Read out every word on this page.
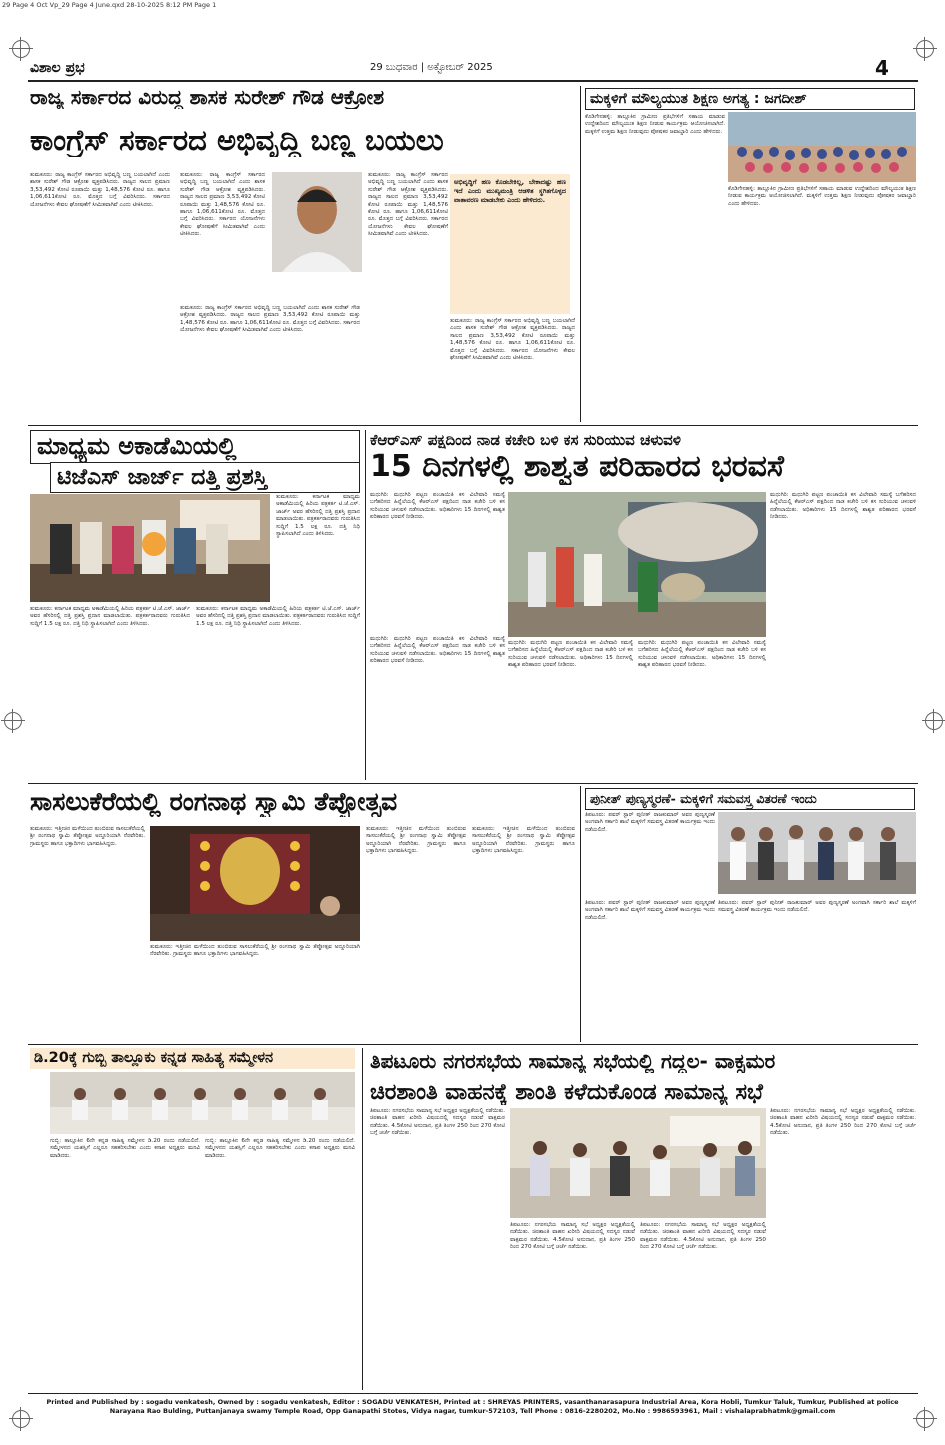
29 Page 4 Oct Vp_29 Page 4 June.qxd 28-10-2025 8:12 PM Page 1
ವಿಶಾಲ ಪ್ರಭ	29 ಬುಧವಾರ | ಅಕ್ಟೋಬರ್ 2025	4
ರಾಜ್ಯ ಸರ್ಕಾರದ ವಿರುದ್ಧ ಶಾಸಕ ಸುರೇಶ್ ಗೌಡ ಆಕ್ರೋಶ
ಕಾಂಗ್ರೆಸ್ ಸರ್ಕಾರದ ಅಭಿವೃದ್ಧಿ ಬಣ್ಣ ಬಯಲು
ತುಮಕೂರು: ರಾಜ್ಯ ಕಾಂಗ್ರೆಸ್ ಸರ್ಕಾರದ ಅಭಿವೃದ್ಧಿ ಬಣ್ಣ ಬಯಲಾಗಿದೆ ಎಂದು ಶಾಸಕ ಸುರೇಶ್ ಗೌಡ ಆಕ್ರೋಶ ವ್ಯಕ್ತಪಡಿಸಿದರು. ರಾಜ್ಯದ ಸಾಲದ ಪ್ರಮಾಣ 3,53,492 ಕೋಟಿ ರೂಪಾಯಿ ಮತ್ತು 1,48,576 ಕೋಟಿ ರೂ. ಹಾಗೂ 1,06,611ಕೋಟಿ ರೂ. ಮೊತ್ತದ ಬಗ್ಗೆ ವಿವರಿಸಿದರು. ಸರ್ಕಾರದ ಯೋಜನೆಗಳು ಕೇವಲ ಘೋಷಣೆಗೆ ಸೀಮಿತವಾಗಿವೆ ಎಂದು ಟೀಕಿಸಿದರು.
ತುಮಕೂರು: ರಾಜ್ಯ ಕಾಂಗ್ರೆಸ್ ಸರ್ಕಾರದ ಅಭಿವೃದ್ಧಿ ಬಣ್ಣ ಬಯಲಾಗಿದೆ ಎಂದು ಶಾಸಕ ಸುರೇಶ್ ಗೌಡ ಆಕ್ರೋಶ ವ್ಯಕ್ತಪಡಿಸಿದರು. ರಾಜ್ಯದ ಸಾಲದ ಪ್ರಮಾಣ 3,53,492 ಕೋಟಿ ರೂಪಾಯಿ ಮತ್ತು 1,48,576 ಕೋಟಿ ರೂ. ಹಾಗೂ 1,06,611ಕೋಟಿ ರೂ. ಮೊತ್ತದ ಬಗ್ಗೆ ವಿವರಿಸಿದರು. ಸರ್ಕಾರದ ಯೋಜನೆಗಳು ಕೇವಲ ಘೋಷಣೆಗೆ ಸೀಮಿತವಾಗಿವೆ ಎಂದು ಟೀಕಿಸಿದರು.
ತುಮಕೂರು: ರಾಜ್ಯ ಕಾಂಗ್ರೆಸ್ ಸರ್ಕಾರದ ಅಭಿವೃದ್ಧಿ ಬಣ್ಣ ಬಯಲಾಗಿದೆ ಎಂದು ಶಾಸಕ ಸುರೇಶ್ ಗೌಡ ಆಕ್ರೋಶ ವ್ಯಕ್ತಪಡಿಸಿದರು. ರಾಜ್ಯದ ಸಾಲದ ಪ್ರಮಾಣ 3,53,492 ಕೋಟಿ ರೂಪಾಯಿ ಮತ್ತು 1,48,576 ಕೋಟಿ ರೂ. ಹಾಗೂ 1,06,611ಕೋಟಿ ರೂ. ಮೊತ್ತದ ಬಗ್ಗೆ ವಿವರಿಸಿದರು. ಸರ್ಕಾರದ ಯೋಜನೆಗಳು ಕೇವಲ ಘೋಷಣೆಗೆ ಸೀಮಿತವಾಗಿವೆ ಎಂದು ಟೀಕಿಸಿದರು.
ಅಭಿವೃದ್ಧಿಗೆ ಹಣ ಕೊಡಬೇಕಿಲ್ಲ, ಬೇಕಾದಷ್ಟು ಹಣ ಇದೆ ಎಂದು ಮುಖ್ಯಮಂತ್ರಿ ಆಡಳಿತ ಸ್ಥಗಿತಗೊಳ್ಳದ ವಾತಾವರಣ ಮಾಡಬೇಕು ಎಂದು ಹೇಳಿದರು.
ತುಮಕೂರು: ರಾಜ್ಯ ಕಾಂಗ್ರೆಸ್ ಸರ್ಕಾರದ ಅಭಿವೃದ್ಧಿ ಬಣ್ಣ ಬಯಲಾಗಿದೆ ಎಂದು ಶಾಸಕ ಸುರೇಶ್ ಗೌಡ ಆಕ್ರೋಶ ವ್ಯಕ್ತಪಡಿಸಿದರು. ರಾಜ್ಯದ ಸಾಲದ ಪ್ರಮಾಣ 3,53,492 ಕೋಟಿ ರೂಪಾಯಿ ಮತ್ತು 1,48,576 ಕೋಟಿ ರೂ. ಹಾಗೂ 1,06,611ಕೋಟಿ ರೂ. ಮೊತ್ತದ ಬಗ್ಗೆ ವಿವರಿಸಿದರು. ಸರ್ಕಾರದ ಯೋಜನೆಗಳು ಕೇವಲ ಘೋಷಣೆಗೆ ಸೀಮಿತವಾಗಿವೆ ಎಂದು ಟೀಕಿಸಿದರು.
ತುಮಕೂರು: ರಾಜ್ಯ ಕಾಂಗ್ರೆಸ್ ಸರ್ಕಾರದ ಅಭಿವೃದ್ಧಿ ಬಣ್ಣ ಬಯಲಾಗಿದೆ ಎಂದು ಶಾಸಕ ಸುರೇಶ್ ಗೌಡ ಆಕ್ರೋಶ ವ್ಯಕ್ತಪಡಿಸಿದರು. ರಾಜ್ಯದ ಸಾಲದ ಪ್ರಮಾಣ 3,53,492 ಕೋಟಿ ರೂಪಾಯಿ ಮತ್ತು 1,48,576 ಕೋಟಿ ರೂ. ಹಾಗೂ 1,06,611ಕೋಟಿ ರೂ. ಮೊತ್ತದ ಬಗ್ಗೆ ವಿವರಿಸಿದರು. ಸರ್ಕಾರದ ಯೋಜನೆಗಳು ಕೇವಲ ಘೋಷಣೆಗೆ ಸೀಮಿತವಾಗಿವೆ ಎಂದು ಟೀಕಿಸಿದರು.
ಮಕ್ಕಳಿಗೆ ಮೌಲ್ಯಯುತ ಶಿಕ್ಷಣ ಅಗತ್ಯ : ಜಗದೀಶ್
ಕೊಡಿಗೇನಹಳ್ಳಿ: ತಾಲ್ಲೂಕಿನ ಗ್ರಾಮೀಣ ಪ್ರತಿಭೆಗಳಿಗೆ ಸಹಾಯ ಮಾಡುವ ಉದ್ದೇಶದಿಂದ ಮೌಲ್ಯಯುತ ಶಿಕ್ಷಣ ನೀಡುವ ಕಾರ್ಯಕ್ರಮ ಆಯೋಜಿಸಲಾಗಿದೆ. ಮಕ್ಕಳಿಗೆ ಉತ್ತಮ ಶಿಕ್ಷಣ ನೀಡುವುದು ಪೋಷಕರ ಜವಾಬ್ದಾರಿ ಎಂದು ಹೇಳಿದರು.
ಕೊಡಿಗೇನಹಳ್ಳಿ: ತಾಲ್ಲೂಕಿನ ಗ್ರಾಮೀಣ ಪ್ರತಿಭೆಗಳಿಗೆ ಸಹಾಯ ಮಾಡುವ ಉದ್ದೇಶದಿಂದ ಮೌಲ್ಯಯುತ ಶಿಕ್ಷಣ ನೀಡುವ ಕಾರ್ಯಕ್ರಮ ಆಯೋಜಿಸಲಾಗಿದೆ. ಮಕ್ಕಳಿಗೆ ಉತ್ತಮ ಶಿಕ್ಷಣ ನೀಡುವುದು ಪೋಷಕರ ಜವಾಬ್ದಾರಿ ಎಂದು ಹೇಳಿದರು.
ಮಾಧ್ಯಮ ಅಕಾಡೆಮಿಯಲ್ಲಿ
ಟಿಜೆಎಸ್ ಜಾರ್ಜ್ ದತ್ತಿ ಪ್ರಶಸ್ತಿ
ತುಮಕೂರು: ಕರ್ನಾಟಕ ಮಾಧ್ಯಮ ಅಕಾಡೆಮಿಯಲ್ಲಿ ಹಿರಿಯ ಪತ್ರಕರ್ತ ಟಿ.ಜೆ.ಎಸ್. ಜಾರ್ಜ್ ಅವರ ಹೆಸರಿನಲ್ಲಿ ದತ್ತಿ ಪ್ರಶಸ್ತಿ ಪ್ರದಾನ ಮಾಡಲಾಯಿತು. ಪತ್ರಕರ್ತರಾದವರು ಗುರುತಿಸಿದ ಸುದ್ದಿಗೆ 1.5 ಲಕ್ಷ ರೂ. ದತ್ತಿ ನಿಧಿ ಸ್ಥಾಪಿಸಲಾಗಿದೆ ಎಂದು ತಿಳಿಸಿದರು.
ತುಮಕೂರು: ಕರ್ನಾಟಕ ಮಾಧ್ಯಮ ಅಕಾಡೆಮಿಯಲ್ಲಿ ಹಿರಿಯ ಪತ್ರಕರ್ತ ಟಿ.ಜೆ.ಎಸ್. ಜಾರ್ಜ್ ಅವರ ಹೆಸರಿನಲ್ಲಿ ದತ್ತಿ ಪ್ರಶಸ್ತಿ ಪ್ರದಾನ ಮಾಡಲಾಯಿತು. ಪತ್ರಕರ್ತರಾದವರು ಗುರುತಿಸಿದ ಸುದ್ದಿಗೆ 1.5 ಲಕ್ಷ ರೂ. ದತ್ತಿ ನಿಧಿ ಸ್ಥಾಪಿಸಲಾಗಿದೆ ಎಂದು ತಿಳಿಸಿದರು.
ತುಮಕೂರು: ಕರ್ನಾಟಕ ಮಾಧ್ಯಮ ಅಕಾಡೆಮಿಯಲ್ಲಿ ಹಿರಿಯ ಪತ್ರಕರ್ತ ಟಿ.ಜೆ.ಎಸ್. ಜಾರ್ಜ್ ಅವರ ಹೆಸರಿನಲ್ಲಿ ದತ್ತಿ ಪ್ರಶಸ್ತಿ ಪ್ರದಾನ ಮಾಡಲಾಯಿತು. ಪತ್ರಕರ್ತರಾದವರು ಗುರುತಿಸಿದ ಸುದ್ದಿಗೆ 1.5 ಲಕ್ಷ ರೂ. ದತ್ತಿ ನಿಧಿ ಸ್ಥಾಪಿಸಲಾಗಿದೆ ಎಂದು ತಿಳಿಸಿದರು.
ಕೆಆರ್‌ಎಸ್ ಪಕ್ಷದಿಂದ ನಾಡ ಕಚೇರಿ ಬಳಿ ಕಸ ಸುರಿಯುವ ಚಳುವಳಿ
15 ದಿನಗಳಲ್ಲಿ ಶಾಶ್ವತ ಪರಿಹಾರದ ಭರವಸೆ
ಮಧುಗಿರಿ: ಮಧುಗಿರಿ ಪಟ್ಟಣ ಪಂಚಾಯಿತಿ ಕಸ ವಿಲೇವಾರಿ ಸಮಸ್ಯೆ ಬಗೆಹರಿಸದ ಹಿನ್ನೆಲೆಯಲ್ಲಿ ಕೆಆರ್‌ಎಸ್ ಪಕ್ಷದಿಂದ ನಾಡ ಕಚೇರಿ ಬಳಿ ಕಸ ಸುರಿಯುವ ಚಳುವಳಿ ನಡೆಸಲಾಯಿತು. ಅಧಿಕಾರಿಗಳು 15 ದಿನಗಳಲ್ಲಿ ಶಾಶ್ವತ ಪರಿಹಾರದ ಭರವಸೆ ನೀಡಿದರು.
ಮಧುಗಿರಿ: ಮಧುಗಿರಿ ಪಟ್ಟಣ ಪಂಚಾಯಿತಿ ಕಸ ವಿಲೇವಾರಿ ಸಮಸ್ಯೆ ಬಗೆಹರಿಸದ ಹಿನ್ನೆಲೆಯಲ್ಲಿ ಕೆಆರ್‌ಎಸ್ ಪಕ್ಷದಿಂದ ನಾಡ ಕಚೇರಿ ಬಳಿ ಕಸ ಸುರಿಯುವ ಚಳುವಳಿ ನಡೆಸಲಾಯಿತು. ಅಧಿಕಾರಿಗಳು 15 ದಿನಗಳಲ್ಲಿ ಶಾಶ್ವತ ಪರಿಹಾರದ ಭರವಸೆ ನೀಡಿದರು.
ಮಧುಗಿರಿ: ಮಧುಗಿರಿ ಪಟ್ಟಣ ಪಂಚಾಯಿತಿ ಕಸ ವಿಲೇವಾರಿ ಸಮಸ್ಯೆ ಬಗೆಹರಿಸದ ಹಿನ್ನೆಲೆಯಲ್ಲಿ ಕೆಆರ್‌ಎಸ್ ಪಕ್ಷದಿಂದ ನಾಡ ಕಚೇರಿ ಬಳಿ ಕಸ ಸುರಿಯುವ ಚಳುವಳಿ ನಡೆಸಲಾಯಿತು. ಅಧಿಕಾರಿಗಳು 15 ದಿನಗಳಲ್ಲಿ ಶಾಶ್ವತ ಪರಿಹಾರದ ಭರವಸೆ ನೀಡಿದರು.
ಮಧುಗಿರಿ: ಮಧುಗಿರಿ ಪಟ್ಟಣ ಪಂಚಾಯಿತಿ ಕಸ ವಿಲೇವಾರಿ ಸಮಸ್ಯೆ ಬಗೆಹರಿಸದ ಹಿನ್ನೆಲೆಯಲ್ಲಿ ಕೆಆರ್‌ಎಸ್ ಪಕ್ಷದಿಂದ ನಾಡ ಕಚೇರಿ ಬಳಿ ಕಸ ಸುರಿಯುವ ಚಳುವಳಿ ನಡೆಸಲಾಯಿತು. ಅಧಿಕಾರಿಗಳು 15 ದಿನಗಳಲ್ಲಿ ಶಾಶ್ವತ ಪರಿಹಾರದ ಭರವಸೆ ನೀಡಿದರು.
ಮಧುಗಿರಿ: ಮಧುಗಿರಿ ಪಟ್ಟಣ ಪಂಚಾಯಿತಿ ಕಸ ವಿಲೇವಾರಿ ಸಮಸ್ಯೆ ಬಗೆಹರಿಸದ ಹಿನ್ನೆಲೆಯಲ್ಲಿ ಕೆಆರ್‌ಎಸ್ ಪಕ್ಷದಿಂದ ನಾಡ ಕಚೇರಿ ಬಳಿ ಕಸ ಸುರಿಯುವ ಚಳುವಳಿ ನಡೆಸಲಾಯಿತು. ಅಧಿಕಾರಿಗಳು 15 ದಿನಗಳಲ್ಲಿ ಶಾಶ್ವತ ಪರಿಹಾರದ ಭರವಸೆ ನೀಡಿದರು.
ಸಾಸಲುಕೆರೆಯಲ್ಲಿ ರಂಗನಾಥ ಸ್ವಾಮಿ ತೆಪ್ಪೋತ್ಸವ
ತುಮಕೂರು: ಇತ್ತೀಚಿನ ಮಳೆಯಿಂದ ತುಂಬಿರುವ ಸಾಸಲುಕೆರೆಯಲ್ಲಿ ಶ್ರೀ ರಂಗನಾಥ ಸ್ವಾಮಿ ತೆಪ್ಪೋತ್ಸವ ಅದ್ದೂರಿಯಾಗಿ ನೆರವೇರಿತು. ಗ್ರಾಮಸ್ಥರು ಹಾಗೂ ಭಕ್ತಾದಿಗಳು ಭಾಗವಹಿಸಿದ್ದರು.
ತುಮಕೂರು: ಇತ್ತೀಚಿನ ಮಳೆಯಿಂದ ತುಂಬಿರುವ ಸಾಸಲುಕೆರೆಯಲ್ಲಿ ಶ್ರೀ ರಂಗನಾಥ ಸ್ವಾಮಿ ತೆಪ್ಪೋತ್ಸವ ಅದ್ದೂರಿಯಾಗಿ ನೆರವೇರಿತು. ಗ್ರಾಮಸ್ಥರು ಹಾಗೂ ಭಕ್ತಾದಿಗಳು ಭಾಗವಹಿಸಿದ್ದರು.
ತುಮಕೂರು: ಇತ್ತೀಚಿನ ಮಳೆಯಿಂದ ತುಂಬಿರುವ ಸಾಸಲುಕೆರೆಯಲ್ಲಿ ಶ್ರೀ ರಂಗನಾಥ ಸ್ವಾಮಿ ತೆಪ್ಪೋತ್ಸವ ಅದ್ದೂರಿಯಾಗಿ ನೆರವೇರಿತು. ಗ್ರಾಮಸ್ಥರು ಹಾಗೂ ಭಕ್ತಾದಿಗಳು ಭಾಗವಹಿಸಿದ್ದರು.
ತುಮಕೂರು: ಇತ್ತೀಚಿನ ಮಳೆಯಿಂದ ತುಂಬಿರುವ ಸಾಸಲುಕೆರೆಯಲ್ಲಿ ಶ್ರೀ ರಂಗನಾಥ ಸ್ವಾಮಿ ತೆಪ್ಪೋತ್ಸವ ಅದ್ದೂರಿಯಾಗಿ ನೆರವೇರಿತು. ಗ್ರಾಮಸ್ಥರು ಹಾಗೂ ಭಕ್ತಾದಿಗಳು ಭಾಗವಹಿಸಿದ್ದರು.
ಪುನೀತ್ ಪುಣ್ಯಸ್ಮರಣೆ- ಮಕ್ಕಳಿಗೆ ಸಮವಸ್ತ್ರ ವಿತರಣೆ ಇಂದು
ತಿಪಟೂರು: ಪವರ್ ಸ್ಟಾರ್ ಪುನೀತ್ ರಾಜಕುಮಾರ್ ಅವರ ಪುಣ್ಯಸ್ಮರಣೆ ಅಂಗವಾಗಿ ಸರ್ಕಾರಿ ಶಾಲೆ ಮಕ್ಕಳಿಗೆ ಸಮವಸ್ತ್ರ ವಿತರಣೆ ಕಾರ್ಯಕ್ರಮ ಇಂದು ನಡೆಯಲಿದೆ.
ತಿಪಟೂರು: ಪವರ್ ಸ್ಟಾರ್ ಪುನೀತ್ ರಾಜಕುಮಾರ್ ಅವರ ಪುಣ್ಯಸ್ಮರಣೆ ಅಂಗವಾಗಿ ಸರ್ಕಾರಿ ಶಾಲೆ ಮಕ್ಕಳಿಗೆ ಸಮವಸ್ತ್ರ ವಿತರಣೆ ಕಾರ್ಯಕ್ರಮ ಇಂದು ನಡೆಯಲಿದೆ.
ತಿಪಟೂರು: ಪವರ್ ಸ್ಟಾರ್ ಪುನೀತ್ ರಾಜಕುಮಾರ್ ಅವರ ಪುಣ್ಯಸ್ಮರಣೆ ಅಂಗವಾಗಿ ಸರ್ಕಾರಿ ಶಾಲೆ ಮಕ್ಕಳಿಗೆ ಸಮವಸ್ತ್ರ ವಿತರಣೆ ಕಾರ್ಯಕ್ರಮ ಇಂದು ನಡೆಯಲಿದೆ.
ಡಿ.20ಕ್ಕೆ ಗುಬ್ಬಿ ತಾಲ್ಲೂಕು ಕನ್ನಡ ಸಾಹಿತ್ಯ ಸಮ್ಮೇಳನ
ಗುಬ್ಬಿ: ತಾಲ್ಲೂಕಿನ 6ನೇ ಕನ್ನಡ ಸಾಹಿತ್ಯ ಸಮ್ಮೇಳನ ಡಿ.20 ರಂದು ನಡೆಯಲಿದೆ. ಸಮ್ಮೇಳನದ ಯಶಸ್ಸಿಗೆ ಎಲ್ಲರೂ ಸಹಕರಿಸಬೇಕು ಎಂದು ಕಸಾಪ ಅಧ್ಯಕ್ಷರು ಮನವಿ ಮಾಡಿದರು.
ಗುಬ್ಬಿ: ತಾಲ್ಲೂಕಿನ 6ನೇ ಕನ್ನಡ ಸಾಹಿತ್ಯ ಸಮ್ಮೇಳನ ಡಿ.20 ರಂದು ನಡೆಯಲಿದೆ. ಸಮ್ಮೇಳನದ ಯಶಸ್ಸಿಗೆ ಎಲ್ಲರೂ ಸಹಕರಿಸಬೇಕು ಎಂದು ಕಸಾಪ ಅಧ್ಯಕ್ಷರು ಮನವಿ ಮಾಡಿದರು.
ತಿಪಟೂರು ನಗರಸಭೆಯ ಸಾಮಾನ್ಯ ಸಭೆಯಲ್ಲಿ ಗದ್ದಲ- ವಾಕ್ಸಮರ
ಚಿರಶಾಂತಿ ವಾಹನಕ್ಕೆ ಶಾಂತಿ ಕಳೆದುಕೊಂಡ ಸಾಮಾನ್ಯ ಸಭೆ
ತಿಪಟೂರು: ನಗರಸಭೆಯ ಸಾಮಾನ್ಯ ಸಭೆ ಅಧ್ಯಕ್ಷರ ಅಧ್ಯಕ್ಷತೆಯಲ್ಲಿ ನಡೆಯಿತು. ಚಿರಶಾಂತಿ ವಾಹನ ಖರೀದಿ ವಿಷಯದಲ್ಲಿ ಸದಸ್ಯರ ನಡುವೆ ವಾಕ್ಸಮರ ನಡೆಯಿತು. 4.5ಕೋಟಿ ಅನುದಾನ, ಪ್ರತಿ ತಿಂಗಳ 250 ರಿಂದ 270 ಕೋಟಿ ಬಗ್ಗೆ ಚರ್ಚೆ ನಡೆಯಿತು.
ತಿಪಟೂರು: ನಗರಸಭೆಯ ಸಾಮಾನ್ಯ ಸಭೆ ಅಧ್ಯಕ್ಷರ ಅಧ್ಯಕ್ಷತೆಯಲ್ಲಿ ನಡೆಯಿತು. ಚಿರಶಾಂತಿ ವಾಹನ ಖರೀದಿ ವಿಷಯದಲ್ಲಿ ಸದಸ್ಯರ ನಡುವೆ ವಾಕ್ಸಮರ ನಡೆಯಿತು. 4.5ಕೋಟಿ ಅನುದಾನ, ಪ್ರತಿ ತಿಂಗಳ 250 ರಿಂದ 270 ಕೋಟಿ ಬಗ್ಗೆ ಚರ್ಚೆ ನಡೆಯಿತು.
ತಿಪಟೂರು: ನಗರಸಭೆಯ ಸಾಮಾನ್ಯ ಸಭೆ ಅಧ್ಯಕ್ಷರ ಅಧ್ಯಕ್ಷತೆಯಲ್ಲಿ ನಡೆಯಿತು. ಚಿರಶಾಂತಿ ವಾಹನ ಖರೀದಿ ವಿಷಯದಲ್ಲಿ ಸದಸ್ಯರ ನಡುವೆ ವಾಕ್ಸಮರ ನಡೆಯಿತು. 4.5ಕೋಟಿ ಅನುದಾನ, ಪ್ರತಿ ತಿಂಗಳ 250 ರಿಂದ 270 ಕೋಟಿ ಬಗ್ಗೆ ಚರ್ಚೆ ನಡೆಯಿತು.
ತಿಪಟೂರು: ನಗರಸಭೆಯ ಸಾಮಾನ್ಯ ಸಭೆ ಅಧ್ಯಕ್ಷರ ಅಧ್ಯಕ್ಷತೆಯಲ್ಲಿ ನಡೆಯಿತು. ಚಿರಶಾಂತಿ ವಾಹನ ಖರೀದಿ ವಿಷಯದಲ್ಲಿ ಸದಸ್ಯರ ನಡುವೆ ವಾಕ್ಸಮರ ನಡೆಯಿತು. 4.5ಕೋಟಿ ಅನುದಾನ, ಪ್ರತಿ ತಿಂಗಳ 250 ರಿಂದ 270 ಕೋಟಿ ಬಗ್ಗೆ ಚರ್ಚೆ ನಡೆಯಿತು.
Printed and Published by : sogadu venkatesh, Owned by : sogadu venkatesh, Editor : SOGADU VENKATESH, Printed at : SHREYAS PRINTERS, vasanthanarasapura Industrial Area, Kora Hobli, Tumkur Taluk, Tumkur, Published at police Narayana Rao Bulding, Puttanjanaya swamy Temple Road, Opp Ganapathi Stotes, Vidya nagar, tumkur-572103, Tell Phone : 0816-2280202, Mo.No : 9986593961, Mail : vishalaprabhatmk@gmail.com
